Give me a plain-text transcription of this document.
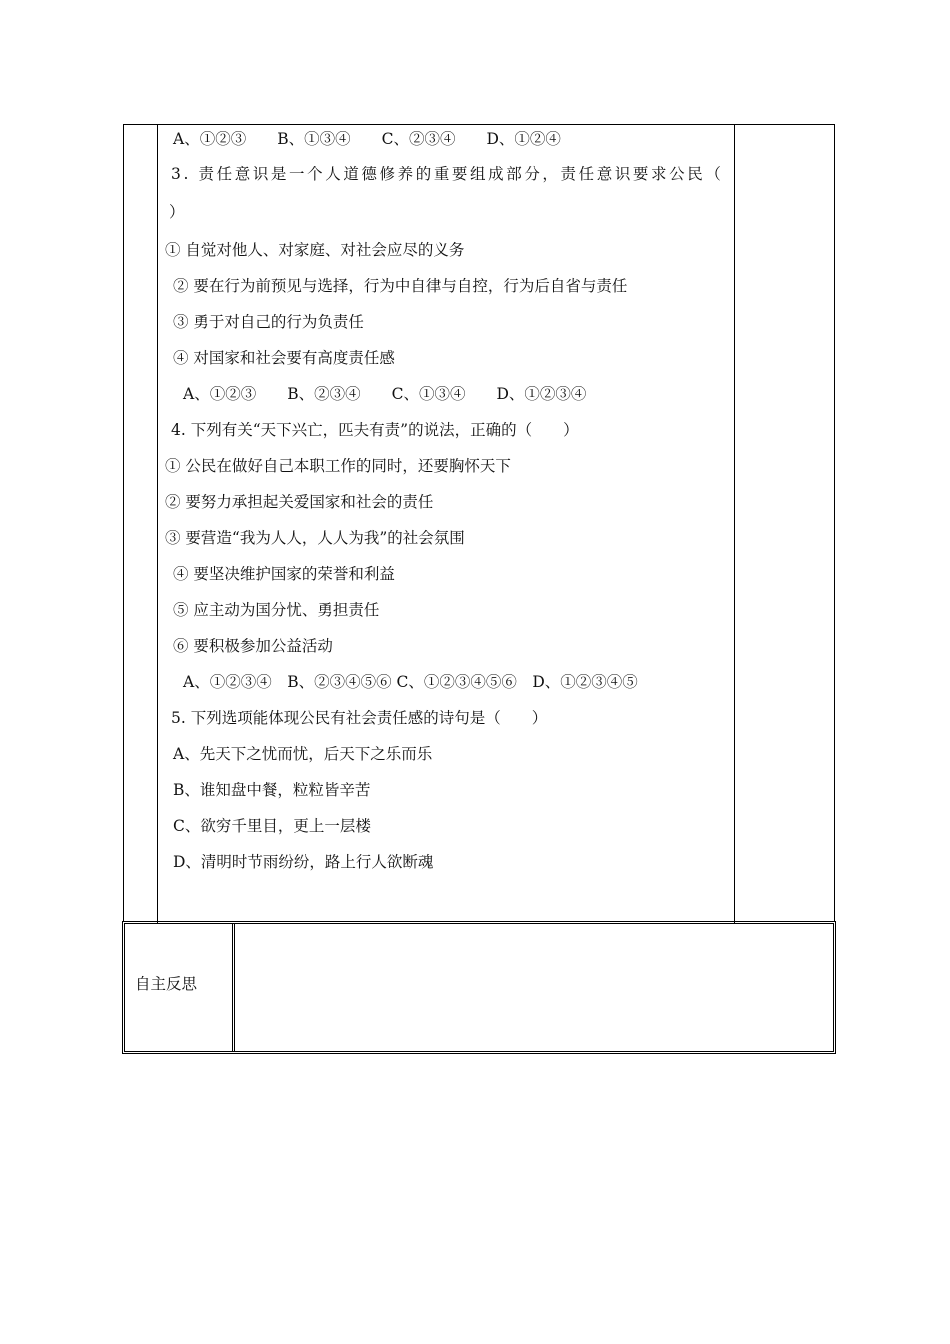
A、①②③　　B、①③④　　C、②③④　　D、①②④
3. 责任意识是一个人道德修养的重要组成部分，责任意识要求公民（
）
① 自觉对他人、对家庭、对社会应尽的义务
② 要在行为前预见与选择，行为中自律与自控，行为后自省与责任
③ 勇于对自己的行为负责任
④ 对国家和社会要有高度责任感
A、①②③　　B、②③④　　C、①③④　　D、①②③④
4. 下列有关“天下兴亡，匹夫有责”的说法，正确的（　　）
① 公民在做好自己本职工作的同时，还要胸怀天下
② 要努力承担起关爱国家和社会的责任
③ 要营造“我为人人，人人为我”的社会氛围
④ 要坚决维护国家的荣誉和利益
⑤ 应主动为国分忧、勇担责任
⑥ 要积极参加公益活动
A、①②③④　B、②③④⑤⑥ C、①②③④⑤⑥　D、①②③④⑤
5. 下列选项能体现公民有社会责任感的诗句是（　　）
A、先天下之忧而忧，后天下之乐而乐
B、谁知盘中餐，粒粒皆辛苦
C、欲穷千里目，更上一层楼
D、清明时节雨纷纷，路上行人欲断魂
自主反思
